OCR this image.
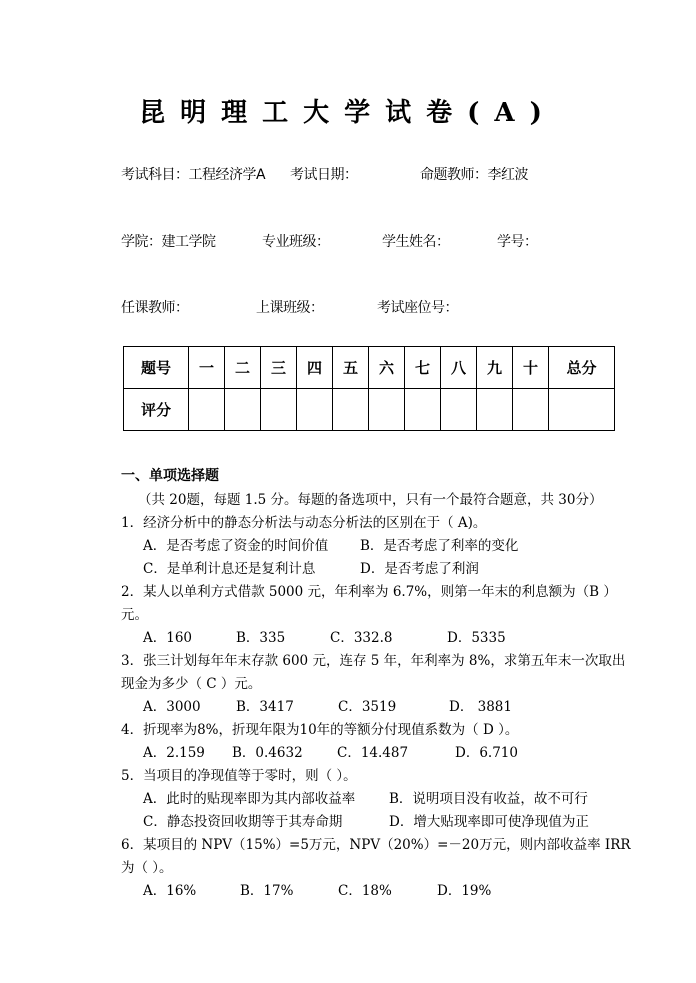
昆明理工大学试卷(A)
考试科目：工程经济学A 考试日期：	命题教师：李红波
学院：建工学院	专业班级：	学生姓名：	学号：
任课教师：	上课班级：	考试座位号：
题号	一	二	三	四	五	六	七	八	九	十	总分
评分											
一、单项选择题
（共 20题，每题 1.5 分。每题的备选项中，只有一个最符合题意，共 30分）
1．经济分析中的静态分析法与动态分析法的区别在于（ A)。
A．是否考虑了资金的时间价值 B．是否考虑了利率的变化
C．是单利计息还是复利计息	D．是否考虑了利润
2．某人以单利方式借款 5000 元，年利率为 6.7%，则第一年末的利息额为（B ）
元。
A．160	B．335	C．332.8	D．5335
3．张三计划每年年末存款 600 元，连存 5 年，年利率为 8%，求第五年末一次取出
现金为多少（ C ）元。
A．3000	B．3417	C．3519	D． 3881
4．折现率为8%，折现年限为10年的等额分付现值系数为（ D ）。
A．2.159 B．0.4632	C．14.487	D．6.710
5．当项目的净现值等于零时，则（ ）。
A．此时的贴现率即为其内部收益率	B．说明项目没有收益，故不可行
C．静态投资回收期等于其寿命期	D．增大贴现率即可使净现值为正
6．某项目的 NPV（15%）=5万元，NPV（20%）=－20万元，则内部收益率 IRR
为（ ）。
A．16%	B．17%	C．18%	D．19%
